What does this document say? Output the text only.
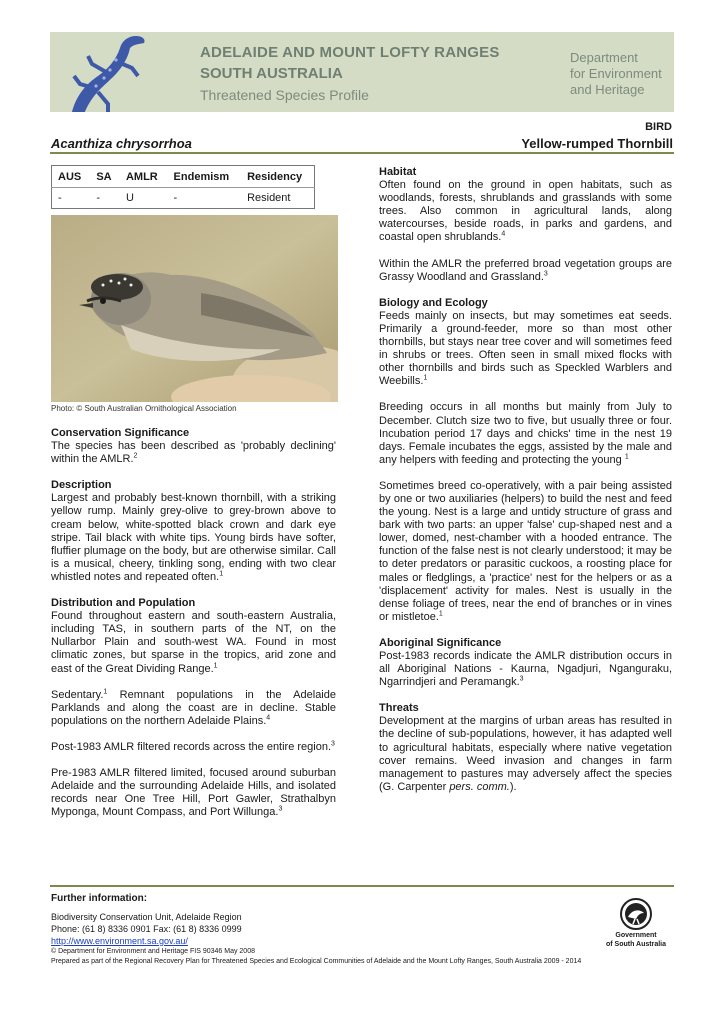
ADELAIDE AND MOUNT LOFTY RANGES
SOUTH AUSTRALIA
Threatened Species Profile
Department
for Environment
and Heritage
BIRD
Acanthiza chrysorrhoa	Yellow-rumped Thornbill
AUS	SA	AMLR	Endemism	Residency
-	-	U	-	Resident
Photo: © South Australian Ornithological Association
Conservation Significance

The species has been described as 'probably declining' within the AMLR.$^2$

Description

Largest and probably best-known thornbill, with a striking yellow rump. Mainly grey-olive to grey-brown above to cream below, white-spotted black crown and dark eye stripe. Tail black with white tips. Young birds have softer, fluffier plumage on the body, but are otherwise similar. Call is a musical, cheery, tinkling song, ending with two clear whistled notes and repeated often.$^1$

Distribution and Population

Found throughout eastern and south-eastern Australia, including TAS, in southern parts of the NT, on the Nullarbor Plain and south-west WA. Found in most climatic zones, but sparse in the tropics, arid zone and east of the Great Dividing Range.$^1$

Sedentary.$^1$ Remnant populations in the Adelaide Parklands and along the coast are in decline. Stable populations on the northern Adelaide Plains.$^4$

Post-1983 AMLR filtered records across the entire region.$^3$

Pre-1983 AMLR filtered limited, focused around suburban Adelaide and the surrounding Adelaide Hills, and isolated records near One Tree Hill, Port Gawler, Strathalbyn Myponga, Mount Compass, and Port Willunga.$^3$

Habitat

Often found on the ground in open habitats, such as woodlands, forests, shrublands and grasslands with some trees. Also common in agricultural lands, along watercourses, beside roads, in parks and gardens, and coastal open shrublands.$^4$

Within the AMLR the preferred broad vegetation groups are Grassy Woodland and Grassland.$^3$

Biology and Ecology

Feeds mainly on insects, but may sometimes eat seeds. Primarily a ground-feeder, more so than most other thornbills, but stays near tree cover and will sometimes feed in shrubs or trees. Often seen in small mixed flocks with other thornbills and birds such as Speckled Warblers and Weebills.$^1$

Breeding occurs in all months but mainly from July to December. Clutch size two to five, but usually three or four. Incubation period 17 days and chicks' time in the nest 19 days. Female incubates the eggs, assisted by the male and any helpers with feeding and protecting the young $^1$

Sometimes breed co-operatively, with a pair being assisted by one or two auxiliaries (helpers) to build the nest and feed the young. Nest is a large and untidy structure of grass and bark with two parts: an upper 'false' cup-shaped nest and a lower, domed, nest-chamber with a hooded entrance. The function of the false nest is not clearly understood; it may be to deter predators or parasitic cuckoos, a roosting place for males or fledglings, a 'practice' nest for the helpers or as a 'displacement' activity for males. Nest is usually in the dense foliage of trees, near the end of branches or in vines or mistletoe.$^1$

Aboriginal Significance

Post-1983 records indicate the AMLR distribution occurs in all Aboriginal Nations - Kaurna, Ngadjuri, Nganguraku, Ngarrindjeri and Peramangk.$^3$

Threats

Development at the margins of urban areas has resulted in the decline of sub-populations, however, it has adapted well to agricultural habitats, especially where native vegetation cover remains. Weed invasion and changes in farm management to pastures may adversely affect the species (G. Carpenter pers. comm.).

Further information:
Biodiversity Conservation Unit, Adelaide Region
Phone: (61 8) 8336 0901 Fax: (61 8) 8336 0999
http://www.environment.sa.gov.au/
© Department for Environment and Heritage FIS 90346 May 2008
Prepared as part of the Regional Recovery Plan for Threatened Species and Ecological Communities of Adelaide and the Mount Lofty Ranges, South Australia 2009 - 2014
Government
of South Australia
